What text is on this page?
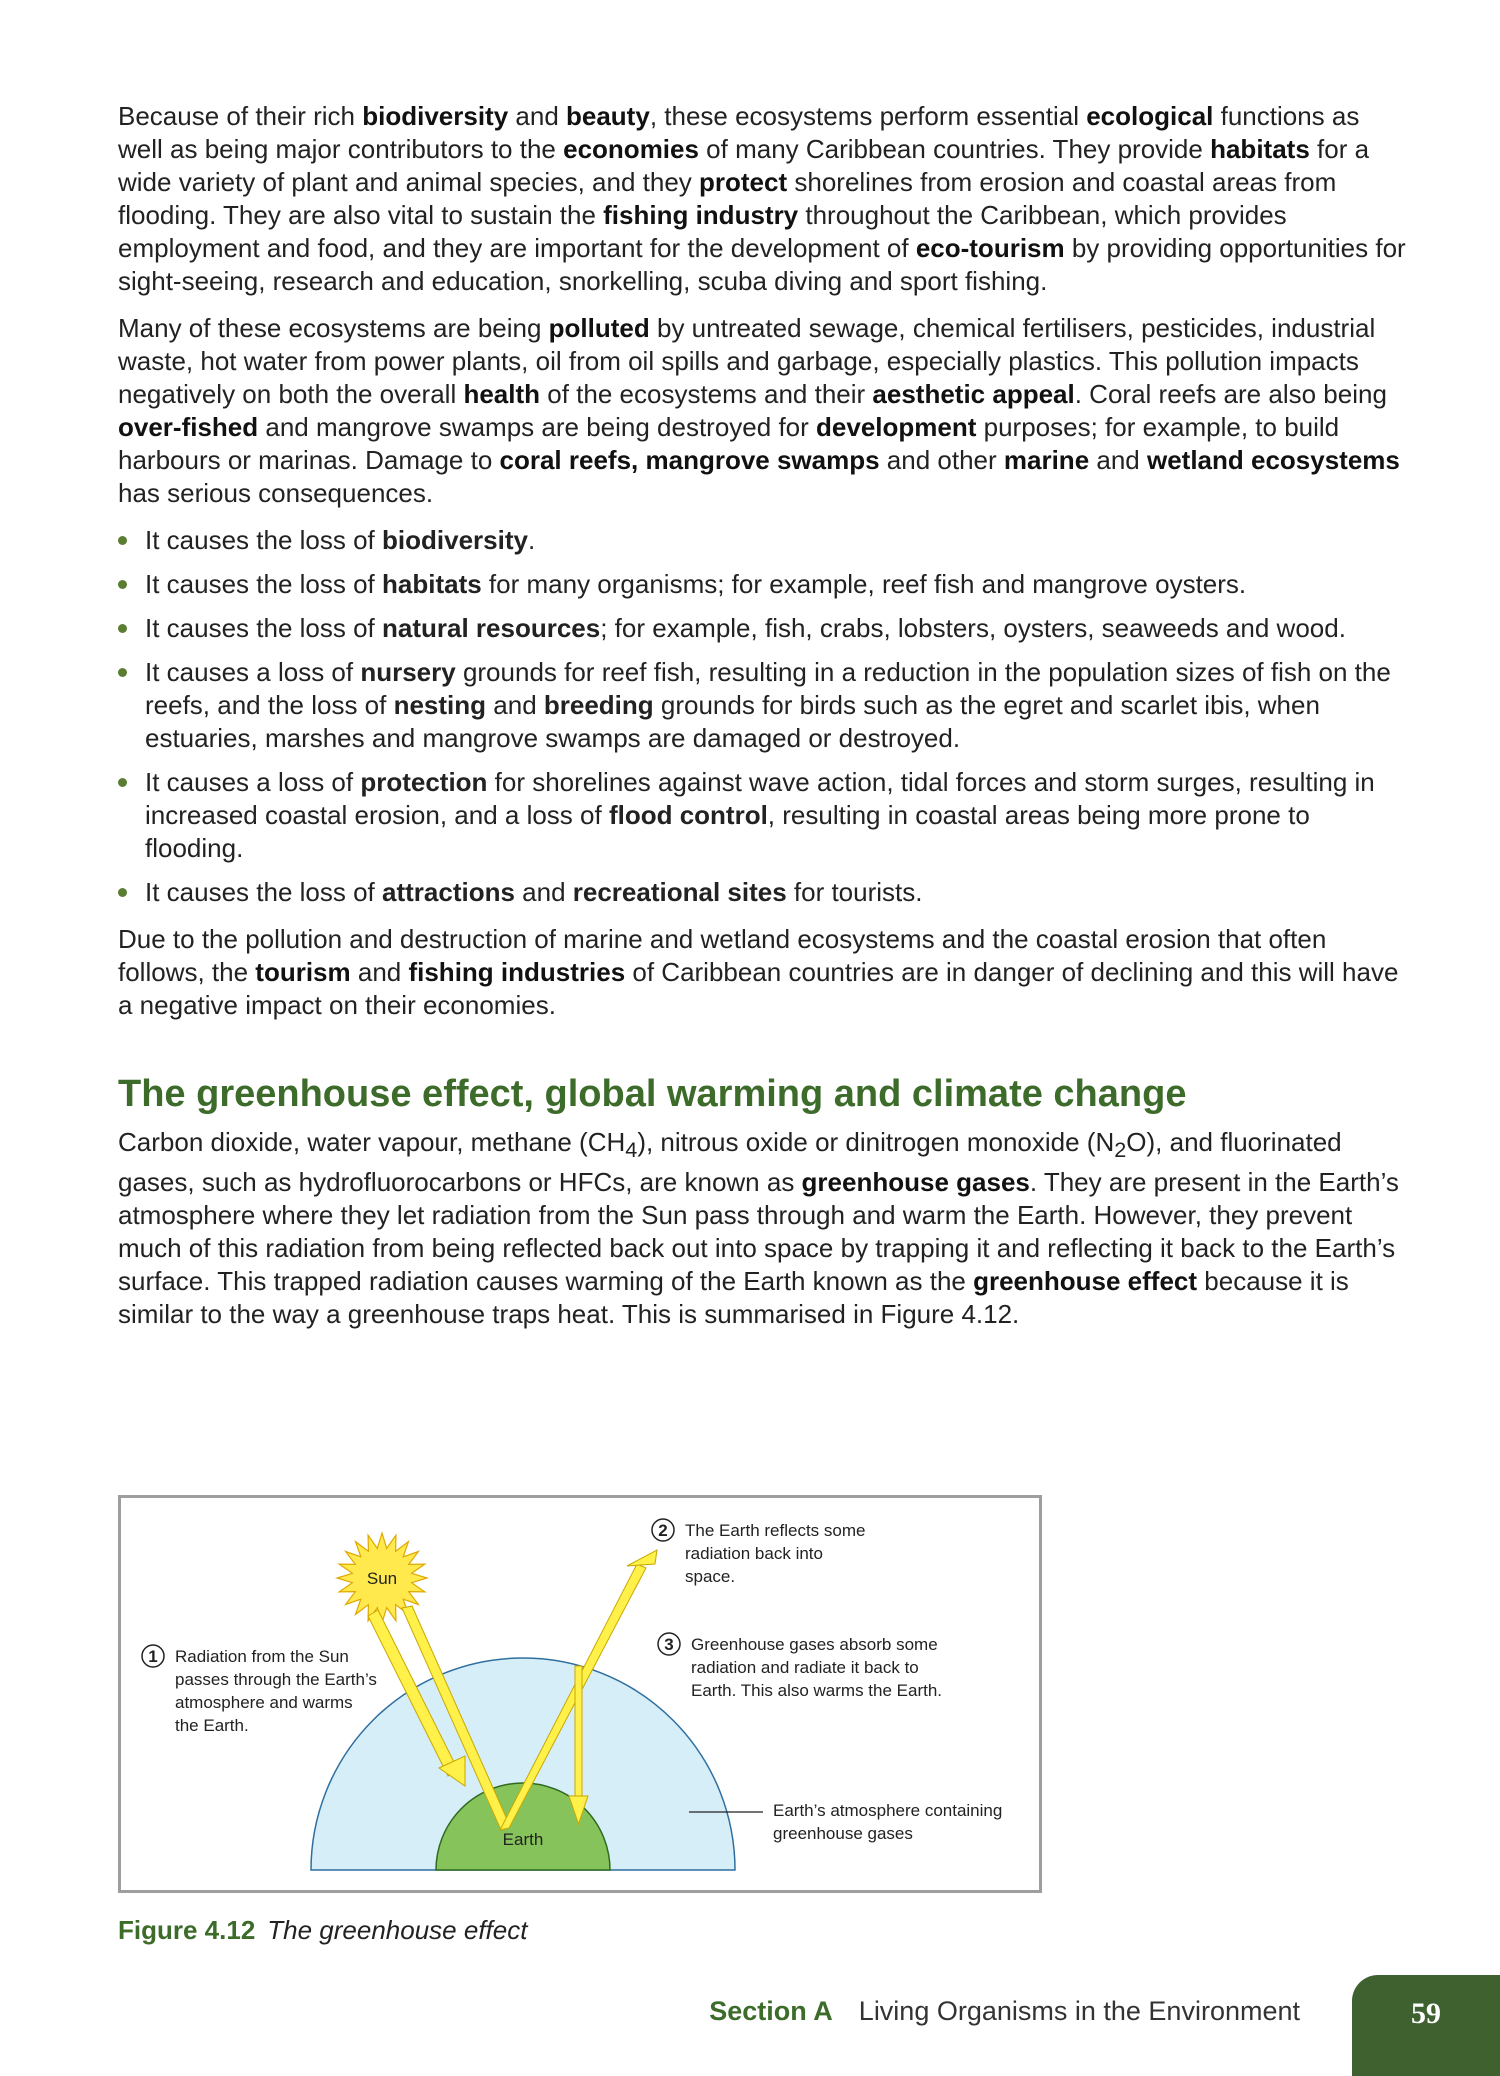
Because of their rich biodiversity and beauty, these ecosystems perform essential ecological functions as well as being major contributors to the economies of many Caribbean countries. They provide habitats for a wide variety of plant and animal species, and they protect shorelines from erosion and coastal areas from flooding. They are also vital to sustain the fishing industry throughout the Caribbean, which provides employment and food, and they are important for the development of eco-tourism by providing opportunities for sight-seeing, research and education, snorkelling, scuba diving and sport fishing.

Many of these ecosystems are being polluted by untreated sewage, chemical fertilisers, pesticides, industrial waste, hot water from power plants, oil from oil spills and garbage, especially plastics. This pollution impacts negatively on both the overall health of the ecosystems and their aesthetic appeal. Coral reefs are also being over-fished and mangrove swamps are being destroyed for development purposes; for example, to build harbours or marinas. Damage to coral reefs, mangrove swamps and other marine and wetland ecosystems has serious consequences.

It causes the loss of biodiversity.
It causes the loss of habitats for many organisms; for example, reef fish and mangrove oysters.
It causes the loss of natural resources; for example, fish, crabs, lobsters, oysters, seaweeds and wood.
It causes a loss of nursery grounds for reef fish, resulting in a reduction in the population sizes of fish on the reefs, and the loss of nesting and breeding grounds for birds such as the egret and scarlet ibis, when estuaries, marshes and mangrove swamps are damaged or destroyed.
It causes a loss of protection for shorelines against wave action, tidal forces and storm surges, resulting in increased coastal erosion, and a loss of flood control, resulting in coastal areas being more prone to flooding.
It causes the loss of attractions and recreational sites for tourists.

Due to the pollution and destruction of marine and wetland ecosystems and the coastal erosion that often follows, the tourism and fishing industries of Caribbean countries are in danger of declining and this will have a negative impact on their economies.

The greenhouse effect, global warming and climate change

Carbon dioxide, water vapour, methane $(CH_4)$, nitrous oxide or dinitrogen monoxide $(N_2O)$, and fluorinated gases, such as hydrofluorocarbons or HFCs, are known as greenhouse gases. They are present in the Earth’s atmosphere where they let radiation from the Sun pass through and warm the Earth. However, they prevent much of this radiation from being reflected back out into space by trapping it and reflecting it back to the Earth’s surface. This trapped radiation causes warming of the Earth known as the greenhouse effect because it is similar to the way a greenhouse traps heat. This is summarised in Figure 4.12.

Earth
Sun
1 Radiation from the Sun
passes through the Earth’s
atmosphere and warms
the Earth.
2 The Earth reflects some
radiation back into
space.
3 Greenhouse gases absorb some
radiation and radiate it back to
Earth. This also warms the Earth.
Earth’s atmosphere containing
greenhouse gases
Figure 4.12 The greenhouse effect
Section A Living Organisms in the Environment	59
